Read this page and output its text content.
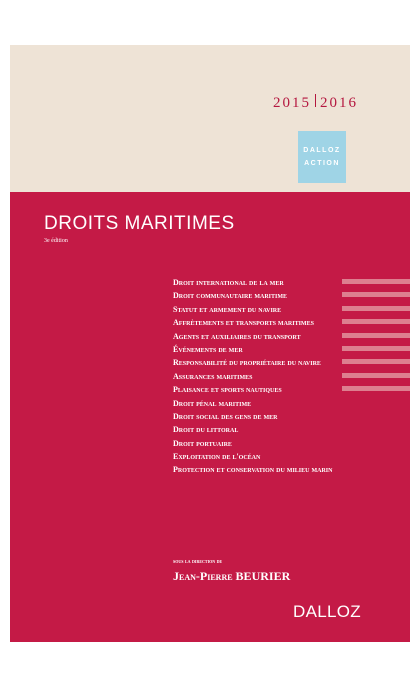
2015 2016
DALLOZ
ACTION
DROITS MARITIMES
3e édition
Droit international de la mer
Droit communautaire maritime
Statut et armement du navire
Affrètements et transports maritimes
Agents et auxiliaires du transport
Événements de mer
Responsabilité du propriétaire du navire
Assurances maritimes
Plaisance et sports nautiques
Droit pénal maritime
Droit social des gens de mer
Droit du littoral
Droit portuaire
Exploitation de l'océan
Protection et conservation du milieu marin
sous la direction de
Jean-Pierre BEURIER
DALLOZ
